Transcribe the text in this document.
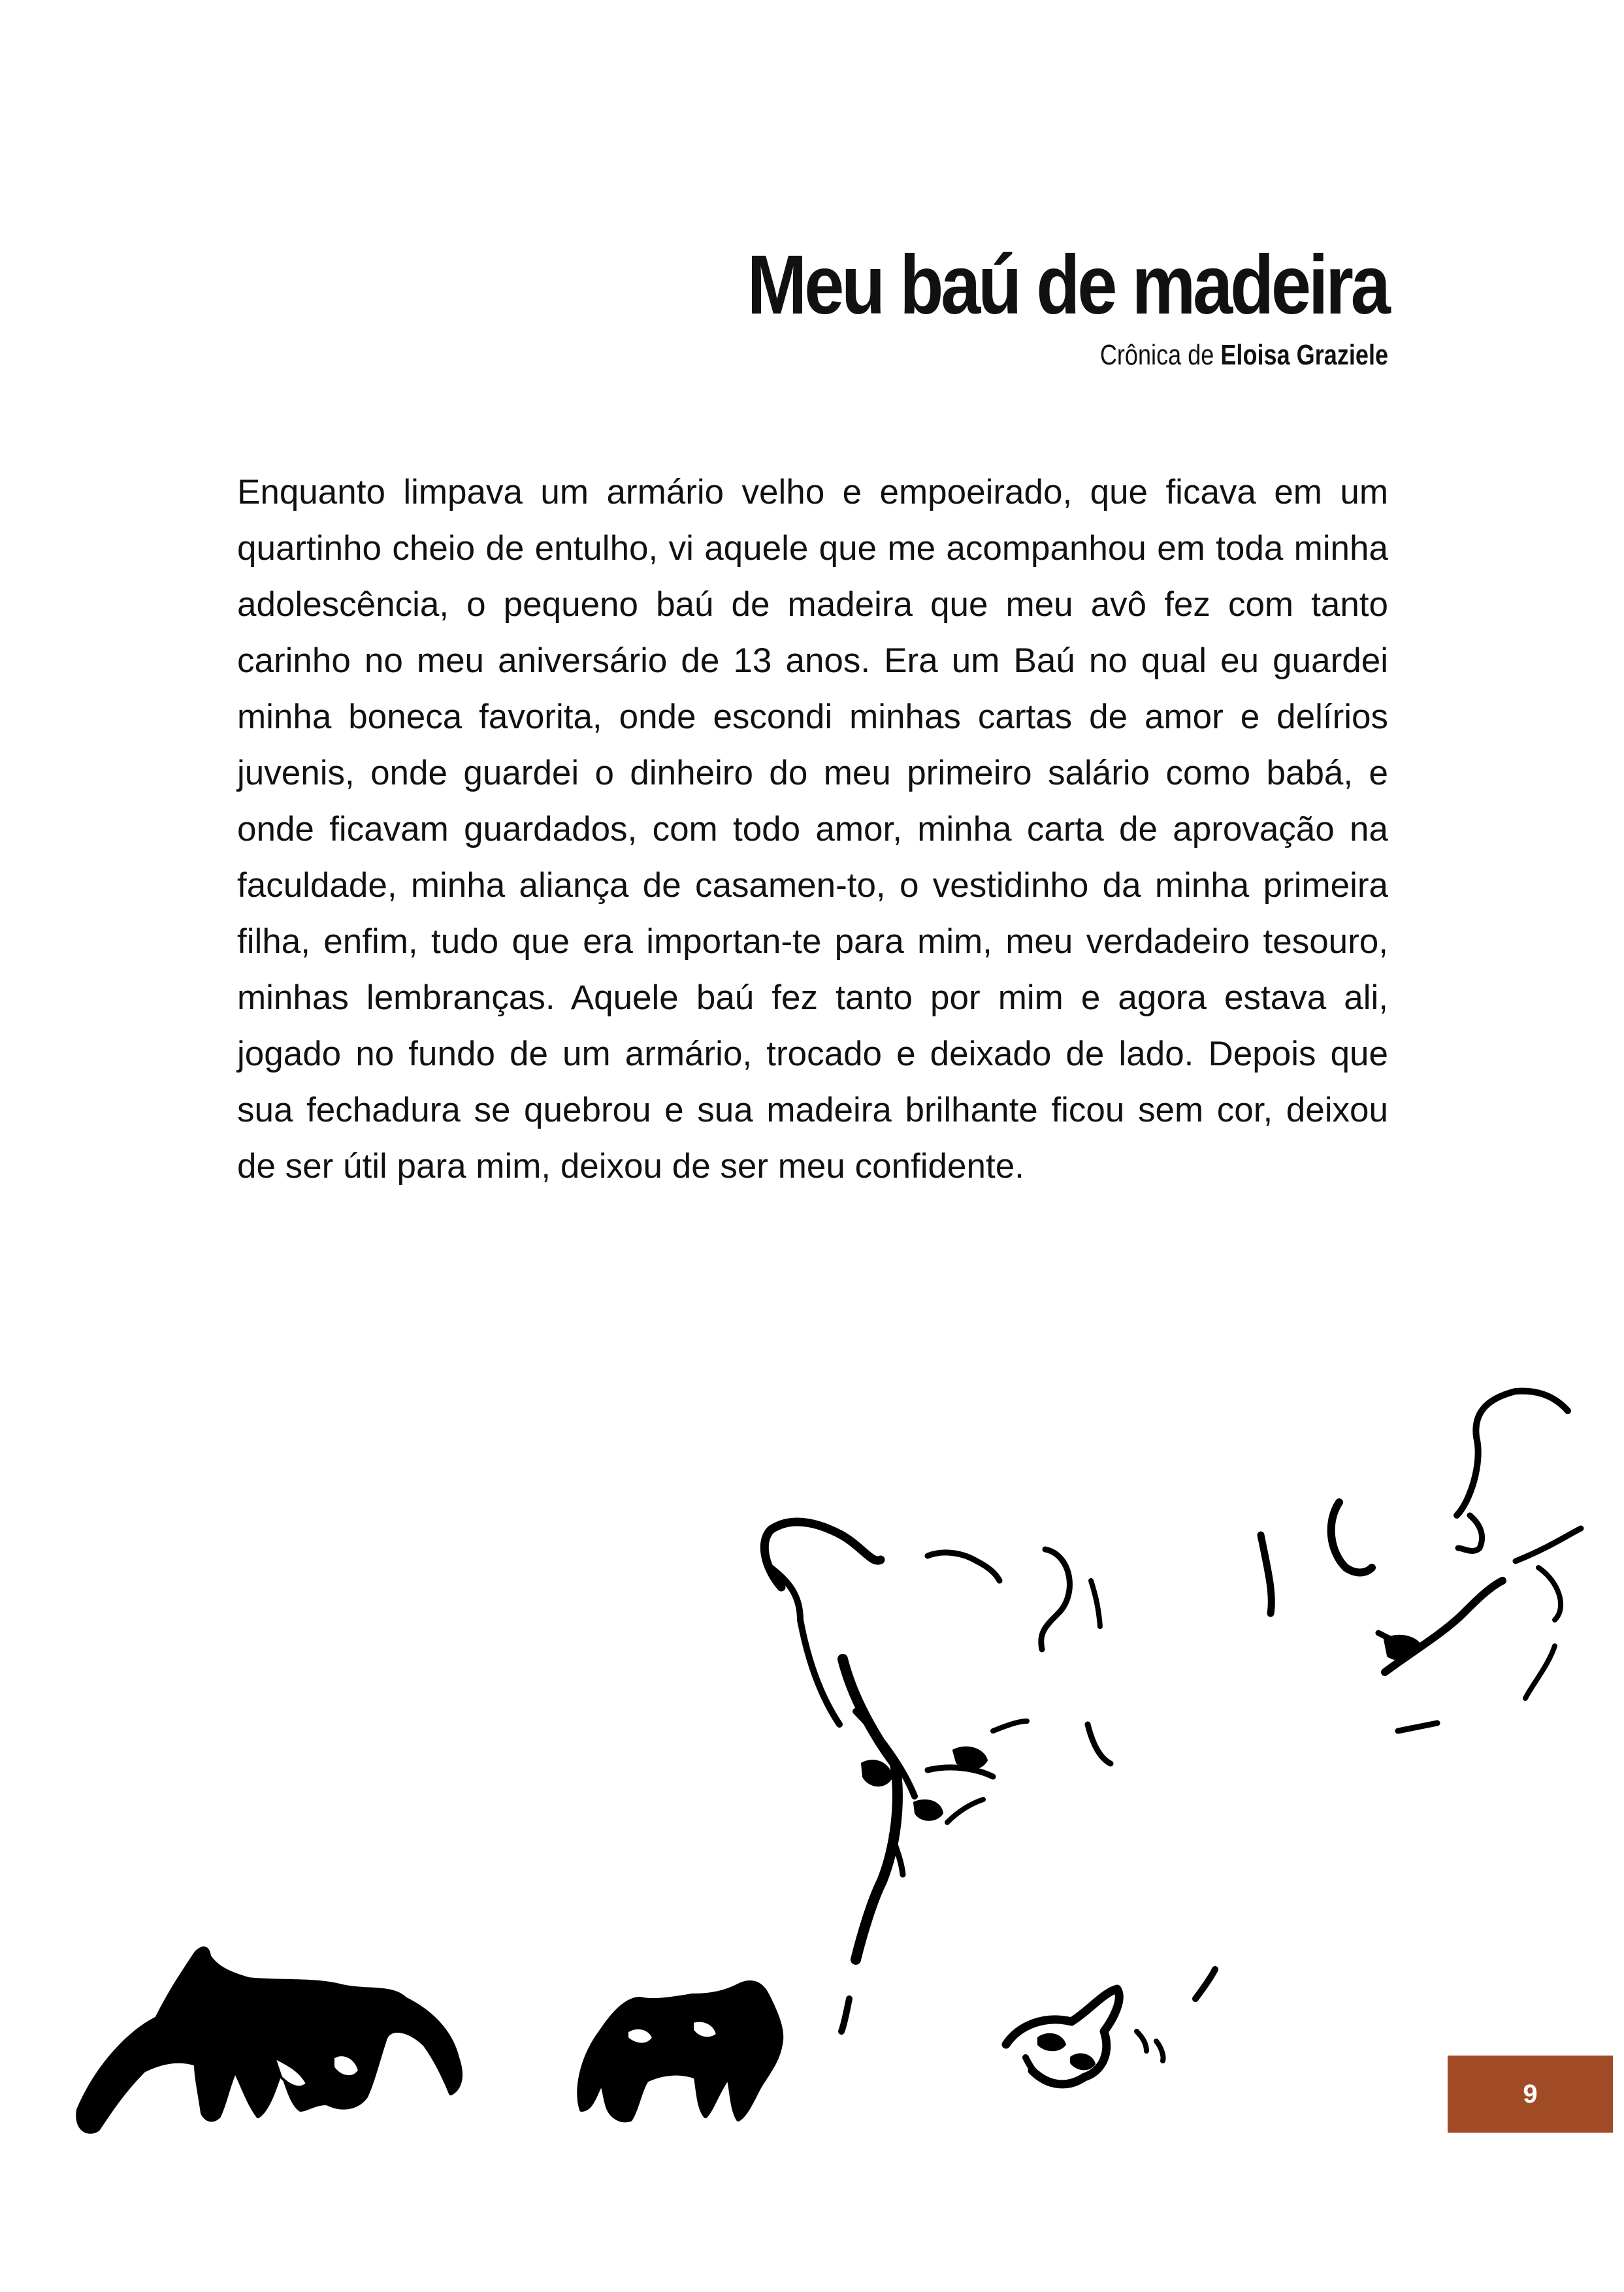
Meu baú de madeira
Crônica de Eloisa Graziele

Enquanto limpava um armário velho e empoeirado, que ficava em um quartinho cheio de entulho, vi aquele que me acompanhou em toda minha adolescência, o pequeno baú de madeira que meu avô fez com tanto carinho no meu aniversário de 13 anos. Era um Baú no qual eu guardei minha boneca favorita, onde escondi minhas cartas de amor e delírios juvenis, onde guardei o dinheiro do meu primeiro salário como babá, e onde ficavam guardados, com todo amor, minha carta de aprovação na faculdade, minha aliança de casamen-to, o vestidinho da minha primeira filha, enfim, tudo que era importan-te para mim, meu verdadeiro tesouro, minhas lembranças. Aquele baú fez tanto por mim e agora estava ali, jogado no fundo de um armário, trocado e deixado de lado. Depois que sua fechadura se quebrou e sua madeira brilhante ficou sem cor, deixou de ser útil para mim, deixou de ser meu confidente.

9
